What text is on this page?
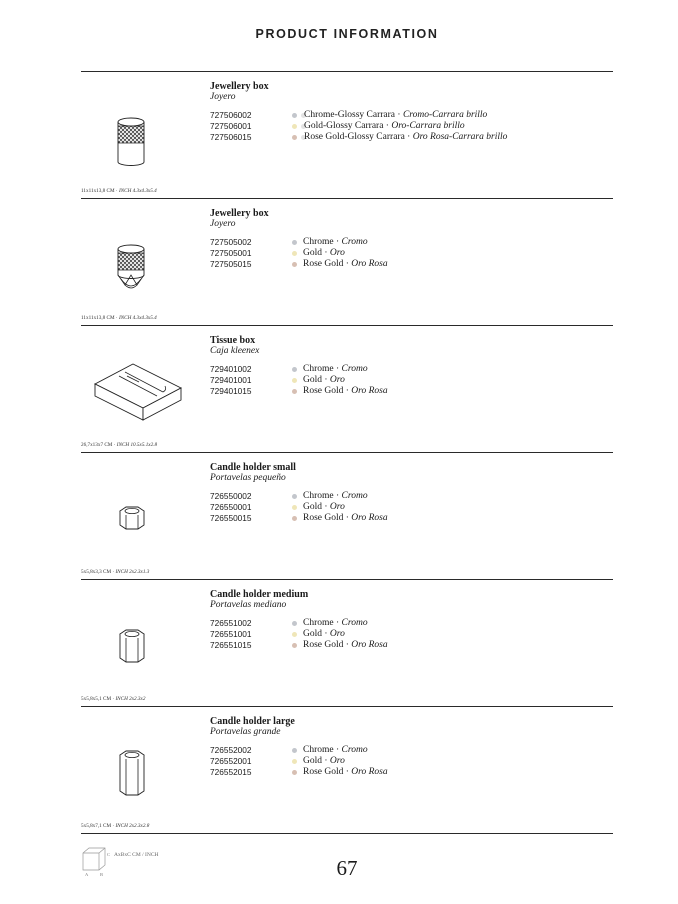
PRODUCT INFORMATION
11x11x13,8 CM · INCH 4.3x4.3x5.4
Jewellery box
Joyero
727506002	Chrome-Glossy Carrara · Cromo-Carrara brillo
727506001	Gold-Glossy Carrara · Oro-Carrara brillo
727506015	Rose Gold-Glossy Carrara · Oro Rosa-Carrara brillo
11x11x13,8 CM · INCH 4.3x4.3x5.4
Jewellery box
Joyero
727505002	Chrome · Cromo
727505001	Gold · Oro
727505015	Rose Gold · Oro Rosa
26,7x13x7 CM · INCH 10.5x5.1x2.8
Tissue box
Caja kleenex
729401002	Chrome · Cromo
729401001	Gold · Oro
729401015	Rose Gold · Oro Rosa
5x5,8x3,3 CM · INCH 2x2.3x1.3
Candle holder small
Portavelas pequeño
726550002	Chrome · Cromo
726550001	Gold · Oro
726550015	Rose Gold · Oro Rosa
5x5,8x5,1 CM · INCH 2x2.3x2
Candle holder medium
Portavelas mediano
726551002	Chrome · Cromo
726551001	Gold · Oro
726551015	Rose Gold · Oro Rosa
5x5,8x7,1 CM · INCH 2x2.3x2.8
Candle holder large
Portavelas grande
726552002	Chrome · Cromo
726552001	Gold · Oro
726552015	Rose Gold · Oro Rosa
A	B
C AxBxC CM / INCH
67
